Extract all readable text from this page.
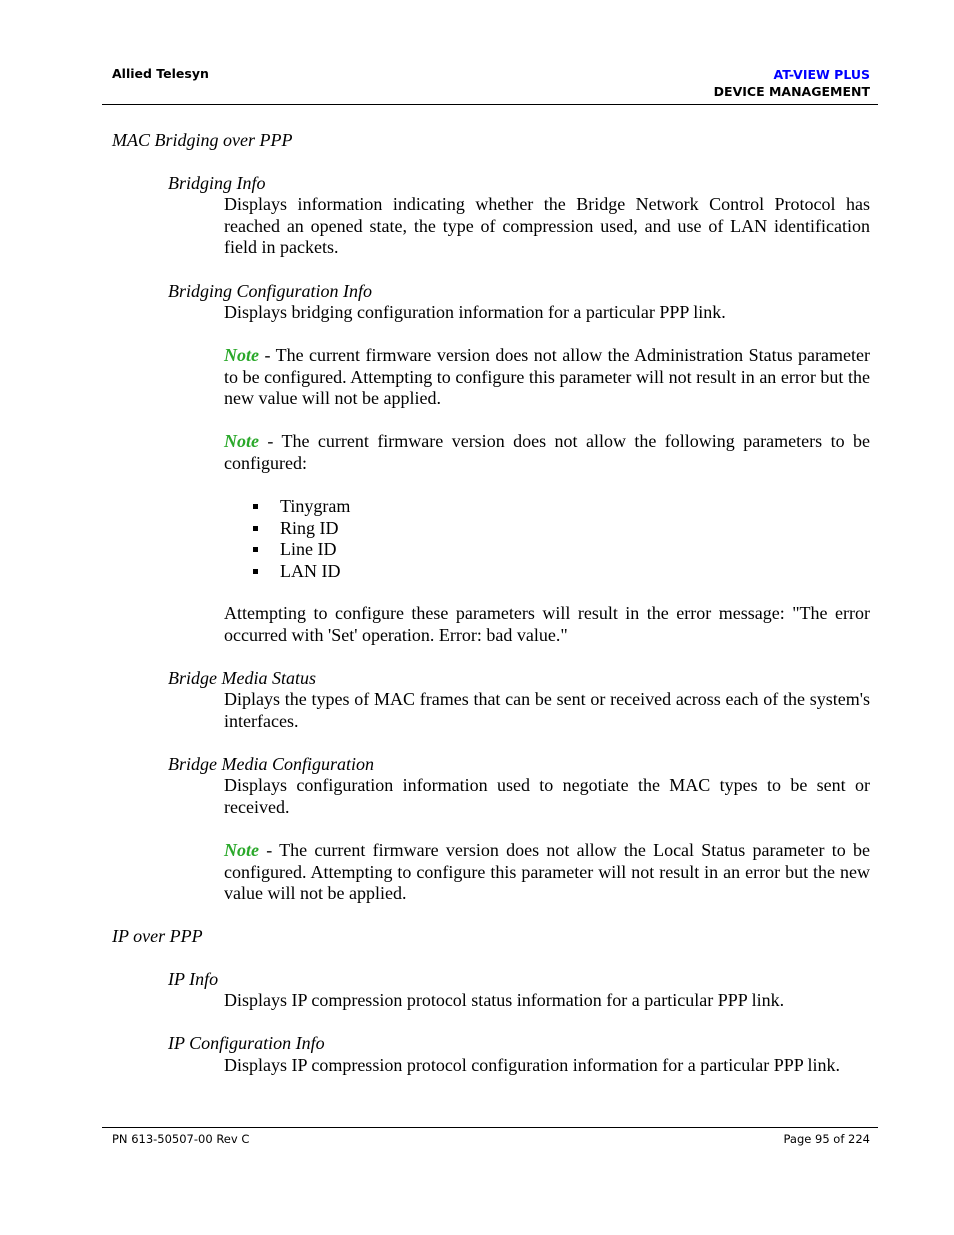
Allied Telesyn	AT-VIEW PLUS
DEVICE MANAGEMENT
MAC Bridging over PPP
Bridging Info

Displays information indicating whether the Bridge Network Control Protocol has reached an opened state, the type of compression used, and use of LAN identification field in packets.

Bridging Configuration Info

Displays bridging configuration information for a particular PPP link.

Note - The current firmware version does not allow the Administration Status parameter to be configured. Attempting to configure this parameter will not result in an error but the new value will not be applied.

Note - The current firmware version does not allow the following parameters to be configured:

Tinygram
Ring ID
Line ID
LAN ID

Attempting to configure these parameters will result in the error message: "The error occurred with 'Set' operation. Error: bad value."

Bridge Media Status

Diplays the types of MAC frames that can be sent or received across each of the system's interfaces.

Bridge Media Configuration

Displays configuration information used to negotiate the MAC types to be sent or received.

Note - The current firmware version does not allow the Local Status parameter to be configured. Attempting to configure this parameter will not result in an error but the new value will not be applied.

IP over PPP
IP Info

Displays IP compression protocol status information for a particular PPP link.

IP Configuration Info

Displays IP compression protocol configuration information for a particular PPP link.

PN 613-50507-00 Rev C	Page 95 of 224
